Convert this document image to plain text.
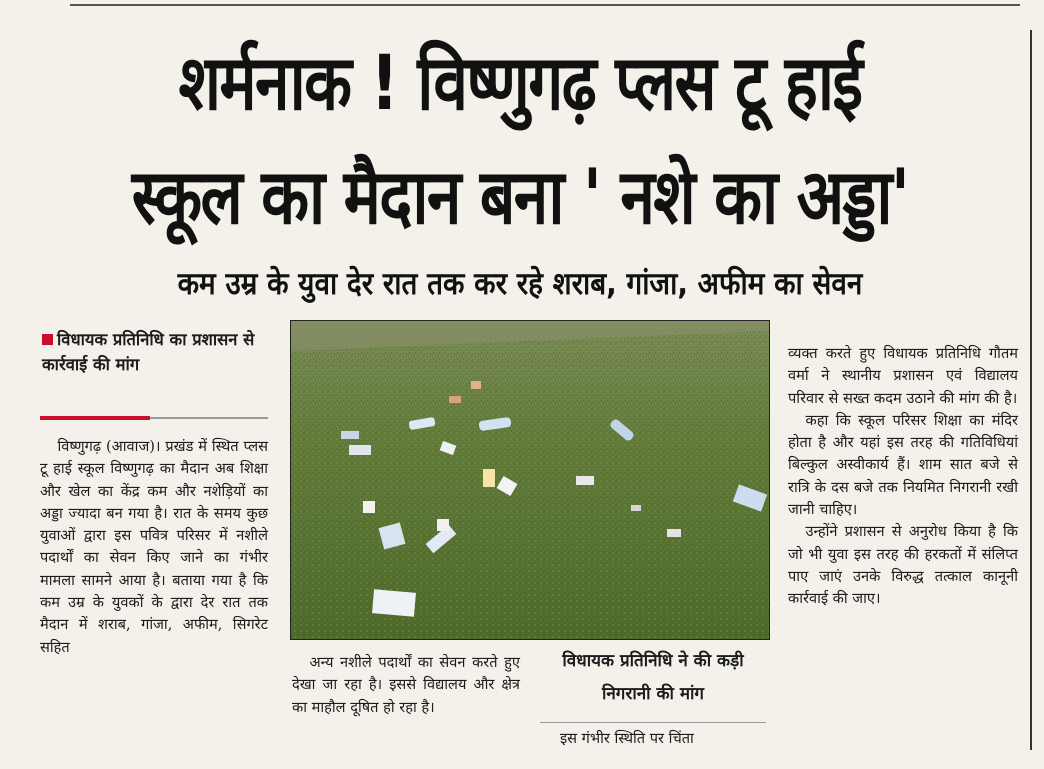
शर्मनाक ! विष्णुगढ़ प्लस टू हाई
स्कूल का मैदान बना ' नशे का अड्डा'
कम उम्र के युवा देर रात तक कर रहे शराब, गांजा, अफीम का सेवन
विधायक प्रतिनिधि का प्रशासन से कार्रवाई की मांग

विष्णुगढ़ (आवाज)। प्रखंड में स्थित प्लस टू हाई स्कूल विष्णुगढ़ का मैदान अब शिक्षा और खेल का केंद्र कम और नशेड़ियों का अड्डा ज्यादा बन गया है। रात के समय कुछ युवाओं द्वारा इस पवित्र परिसर में नशीले पदार्थों का सेवन किए जाने का गंभीर मामला सामने आया है। बताया गया है कि कम उम्र के युवकों के द्वारा देर रात तक मैदान में शराब, गांजा, अफीम, सिगरेट सहित

अन्य नशीले पदार्थों का सेवन करते हुए देखा जा रहा है। इससे विद्यालय और क्षेत्र का माहौल दूषित हो रहा है।

विधायक प्रतिनिधि ने की कड़ी निगरानी की मांग
इस गंभीर स्थिति पर चिंता

व्यक्त करते हुए विधायक प्रतिनिधि गौतम वर्मा ने स्थानीय प्रशासन एवं विद्यालय परिवार से सख्त कदम उठाने की मांग की है।

कहा कि स्कूल परिसर शिक्षा का मंदिर होता है और यहां इस तरह की गतिविधियां बिल्कुल अस्वीकार्य हैं। शाम सात बजे से रात्रि के दस बजे तक नियमित निगरानी रखी जानी चाहिए।

उन्होंने प्रशासन से अनुरोध किया है कि जो भी युवा इस तरह की हरकतों में संलिप्त पाए जाएं उनके विरुद्ध तत्काल कानूनी कार्रवाई की जाए।
